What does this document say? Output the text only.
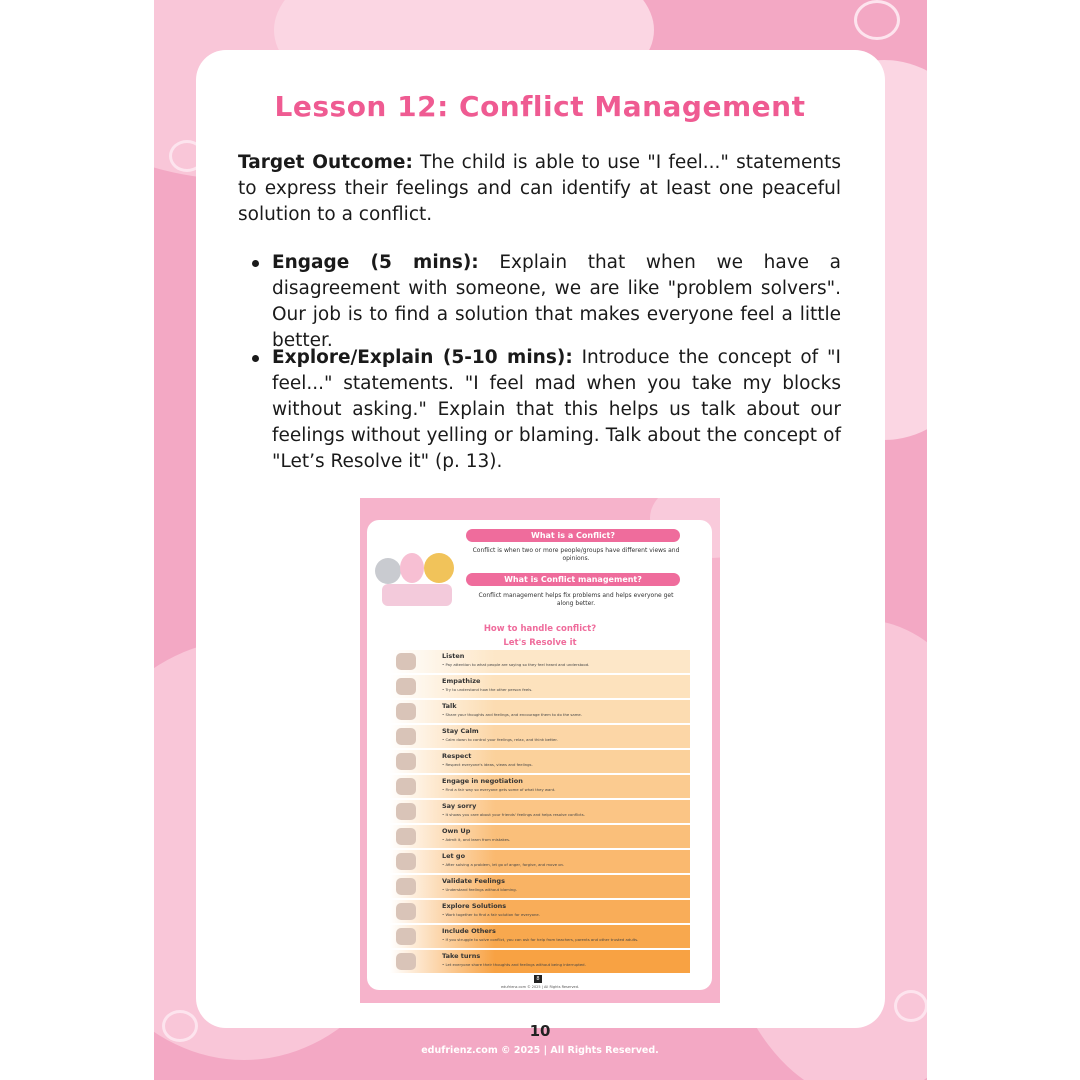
Lesson 12: Conflict Management
Target Outcome: The child is able to use "I feel..." statements to express their feelings and can identify at least one peaceful solution to a conflict.
Engage (5 mins): Explain that when we have a disagreement with someone, we are like "problem solvers". Our job is to find a solution that makes everyone feel a little better.
Explore/Explain (5-10 mins): Introduce the concept of "I feel..." statements. "I feel mad when you take my blocks without asking." Explain that this helps us talk about our feelings without yelling or blaming. Talk about the concept of "Let’s Resolve it" (p. 13).
What is a Conflict?
Conflict is when two or more people/groups have different views and opinions.
What is Conflict management?
Conflict management helps fix problems and helps everyone get along better.
How to handle conflict?
Let's Resolve it
Listen
• Pay attention to what people are saying so they feel heard and understood.
Empathize
• Try to understand how the other person feels.
Talk
• Share your thoughts and feelings, and encourage them to do the same.
Stay Calm
• Calm down to control your feelings, relax, and think better.
Respect
• Respect everyone's ideas, views and feelings.
Engage in negotiation
• Find a fair way so everyone gets some of what they want.
Say sorry
• It shows you care about your friends' feelings and helps resolve conflicts.
Own Up
• Admit it, and learn from mistakes.
Let go
• After solving a problem, let go of anger, forgive, and move on.
Validate Feelings
• Understand feelings without blaming.
Explore Solutions
• Work together to find a fair solution for everyone.
Include Others
• If you struggle to solve conflict, you can ask for help from teachers, parents and other trusted adults.
Take turns
• Let everyone share their thoughts and feelings without being interrupted.
8
edufrienz.com © 2025 | All Rights Reserved.
10
edufrienz.com © 2025 | All Rights Reserved.
